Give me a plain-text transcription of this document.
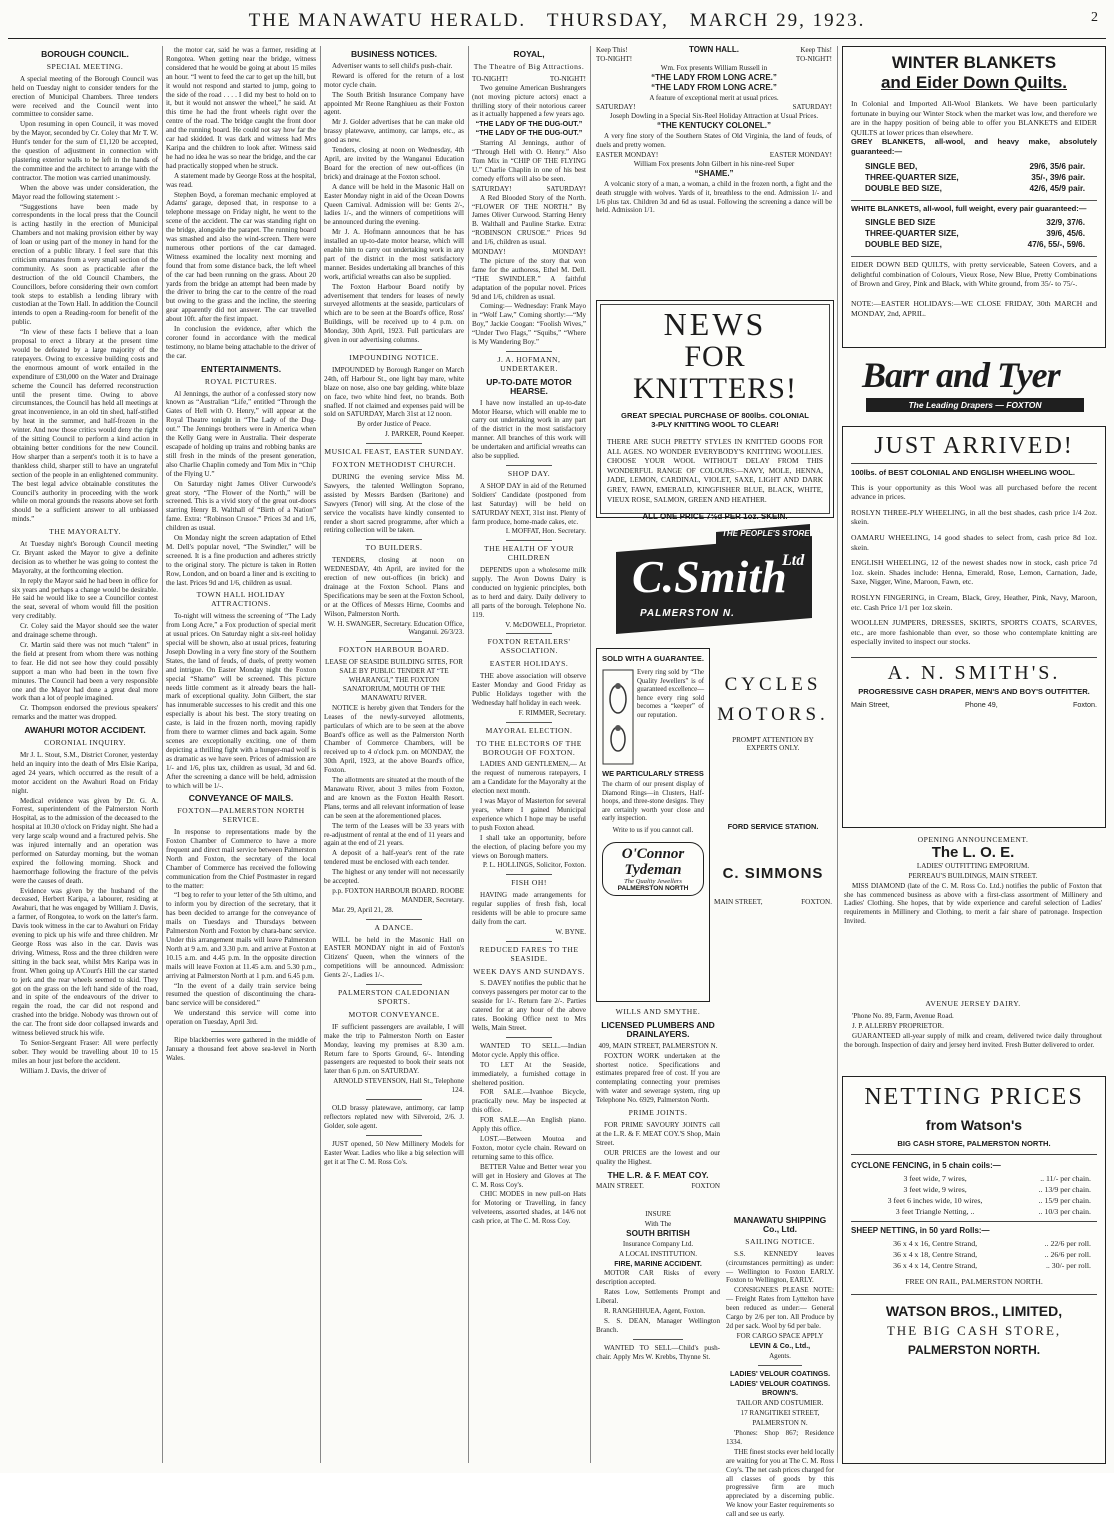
THE MANAWATU HERALD. THURSDAY, MARCH 29, 1923.	2
BOROUGH COUNCIL.
SPECIAL MEETING.

A special meeting of the Borough Council was held on Tuesday night to consider tenders for the erection of Municipal Chambers. Three tenders were received and the Council went into committee to consider same.

Upon resuming in open Council, it was moved by the Mayor, seconded by Cr. Coley that Mr T. W. Hunt's tender for the sum of £1,120 be accepted, the question of adjustment in connection with plastering exterior walls to be left in the hands of the committee and the architect to arrange with the contractor. The motion was carried unanimously.

When the above was under consideration, the Mayor read the following statement :-

“Suggestions have been made by correspondents in the local press that the Council is acting hastily in the erection of Municipal Chambers and not making provision either by way of loan or using part of the money in hand for the erection of a public library. I feel sure that this criticism emanates from a very small section of the community. As soon as practicable after the destruction of the old Council Chambers, the Councillors, before considering their own comfort took steps to establish a lending library with custodian at the Town Hall. In addition the Council intends to open a Reading-room for benefit of the public.

“In view of these facts I believe that a loan proposal to erect a library at the present time would be defeated by a large majority of the ratepayers. Owing to excessive building costs and the enormous amount of work entailed in the expenditure of £30,000 on the Water and Drainage scheme the Council has deferred reconstruction until the present time. Owing to above circumstances, the Council has held all meetings at great inconvenience, in an old tin shed, half-stifled by heat in the summer, and half-frozen in the winter. And now those critics would deny the right of the sitting Council to perform a kind action in obtaining better conditions for the new Council. How sharper than a serpent's tooth it is to have a thankless child, sharper still to have an ungrateful section of the people in an enlightened community. The best legal advice obtainable constitutes the Council's authority in proceeding with the work while on moral grounds the reasons above set forth should be a sufficient answer to all unbiassed minds.”

THE MAYORALTY.

At Tuesday night's Borough Council meeting Cr. Bryant asked the Mayor to give a definite decision as to whether he was going to contest the Mayoralty, at the forthcoming election.

In reply the Mayor said he had been in office for six years and perhaps a change would be desirable. He said he would like to see a Councillor contest the seat, several of whom would fill the position very creditably.

Cr. Coley said the Mayor should see the water and drainage scheme through.

Cr. Martin said there was not much “talent” in the field at present from whom there was nothing to fear. He did not see how they could possibly support a man who had been in the town five minutes. The Council had been a very responsible one and the Mayor had done a great deal more work than a lot of people imagined.

Cr. Thompson endorsed the previous speakers' remarks and the matter was dropped.

AWAHURI MOTOR ACCIDENT.
CORONIAL INQUIRY.

Mr J. L. Stout, S.M., District Coroner, yesterday held an inquiry into the death of Mrs Elsie Karipa, aged 24 years, which occurred as the result of a motor accident on the Awahuri Road on Friday night.

Medical evidence was given by Dr. G. A. Forrest, superintendent of the Palmerston North Hospital, as to the admission of the deceased to the hospital at 10.30 o'clock on Friday night. She had a very large scalp wound and a fractured pelvis. She was injured internally and an operation was performed on Saturday morning, but the woman expired the following morning. Shock and haemorrhage following the fracture of the pelvis were the causes of death.

Evidence was given by the husband of the deceased, Herbert Karipa, a labourer, residing at Awahuri, that he was engaged by William J. Davis, a farmer, of Rongotea, to work on the latter's farm. Davis took witness in the car to Awahuri on Friday evening to pick up his wife and three children. Mr George Ross was also in the car. Davis was driving. Witness, Ross and the three children were sitting in the back seat, whilst Mrs Karipa was in front. When going up A'Court's Hill the car started to jerk and the rear wheels seemed to skid. They got on the grass on the left hand side of the road, and in spite of the endeavours of the driver to regain the road, the car did not respond and crashed into the bridge. Nobody was thrown out of the car. The front side door collapsed inwards and witness believed struck his wife.

To Senior-Sergeant Fraser: All were perfectly sober. They would be travelling about 10 to 15 miles an hour just before the accident.

William J. Davis, the driver of

the motor car, said he was a farmer, residing at Rongotea. When getting near the bridge, witness considered that he would be going at about 15 miles an hour. “I went to feed the car to get up the hill, but it would not respond and started to jump, going to the side of the road . . . . I did my best to hold on to it, but it would not answer the wheel,” he said. At this time he had the front wheels right over the centre of the road. The bridge caught the front door and the running board. He could not say how far the car had skidded. It was dark and witness had Mrs Karipa and the children to look after. Witness said he had no idea he was so near the bridge, and the car had practically stopped when he struck.

A statement made by George Ross at the hospital, was read.

Stephen Boyd, a foreman mechanic employed at Adams' garage, deposed that, in response to a telephone message on Friday night, he went to the scene of the accident. The car was standing right on the bridge, alongside the parapet. The running board was smashed and also the wind-screen. There were numerous other portions of the car damaged. Witness examined the locality next morning and found that from some distance back, the left wheel of the car had been running on the grass. About 20 yards from the bridge an attempt had been made by the driver to bring the car to the centre of the road but owing to the grass and the incline, the steering gear apparently did not answer. The car travelled about 10ft. after the first impact.

In conclusion the evidence, after which the coroner found in accordance with the medical testimony, no blame being attachable to the driver of the car.

ENTERTAINMENTS.
ROYAL PICTURES.

Al Jennings, the author of a confessed story now known as “Australian “Life,” entitled “Through the Gates of Hell with O. Henry,” will appear at the Royal Theatre tonight in “The Lady of the Dug-out.” The Jennings brothers were in America when the Kelly Gang were in Australia. Their desperate escapade of holding up trains and robbing banks are still fresh in the minds of the present generation, also Charlie Chaplin comedy and Tom Mix in “Chip of the Flying U.”

On Saturday night James Oliver Curwoode's great story, “The Flower of the North,” will be screened. This is a vivid story of the great out-doors starring Henry B. Walthall of “Birth of a Nation” fame. Extra: “Robinson Crusoe.” Prices 3d and 1/6, children as usual.

On Monday night the screen adaptation of Ethel M. Dell's popular novel, “The Swindler,” will be screened. It is a fine production and adheres strictly to the original story. The picture is taken in Rotten Row, London, and on board a liner and is exciting to the last. Prices 9d and 1/6, children as usual.

TOWN HALL HOLIDAY ATTRACTIONS.

To-night will witness the screening of “The Lady from Long Acre,” a Fox production of special merit at usual prices. On Saturday night a six-reel holiday special will be shown, also at usual prices, featuring Joseph Dowling in a very fine story of the Southern States, the land of feuds, of duels, of pretty women and intrigue. On Easter Monday night the Foxton special “Shame” will be screened. This picture needs little comment as it already bears the hall-mark of exceptional quality. John Gilbert, the star has innumerable successes to his credit and this one especially is about his best. The story treating on caste, is laid in the frozen north, moving rapidly from there to warmer climes and back again. Some scenes are exceptionally exciting, one of them depicting a thrilling fight with a hunger-mad wolf is as dramatic as we have seen. Prices of admission are 1/- and 1/6, plus tax, children as usual, 3d and 6d. After the screening a dance will be held, admission to which will be 1/-.

CONVEYANCE OF MAILS.
FOXTON—PALMERSTON NORTH SERVICE.

In response to representations made by the Foxton Chamber of Commerce to have a more frequent and direct mail service between Palmerston North and Foxton, the secretary of the local Chamber of Commerce has received the following communication from the Chief Postmaster in regard to the matter:

“I beg to refer to your letter of the 5th ultimo, and to inform you by direction of the secretary, that it has been decided to arrange for the conveyance of mails on Tuesdays and Thursdays between Palmerston North and Foxton by chara-banc service. Under this arrangement mails will leave Palmerston North at 9 a.m. and 3.30 p.m. and arrive at Foxton at 10.15 a.m. and 4.45 p.m. In the opposite direction mails will leave Foxton at 11.45 a.m. and 5.30 p.m., arriving at Palmerston North at 1 p.m. and 6.45 p.m.

“In the event of a daily train service being resumed the question of discontinuing the chara-banc service will be considered.”

We understand this service will come into operation on Tuesday, April 3rd.

Ripe blackberries were gathered in the middle of January a thousand feet above sea-level in North Wales.

BUSINESS NOTICES.

Advertiser wants to sell child's push-chair.

Reward is offered for the return of a lost motor cycle chain.

The South British Insurance Company have appointed Mr Reone Ranghiueu as their Foxton agent.

Mr J. Golder advertises that he can make old brassy platewave, antimony, car lamps, etc., as good as new.

Tenders, closing at noon on Wednesday, 4th April, are invited by the Wanganui Education Board for the erection of new out-offices (in brick) and drainage at the Foxton school.

A dance will be held in the Masonic Hall on Easter Monday night in aid of the Ocean Downs Queen Carnival. Admission will be: Gents 2/-, ladies 1/-, and the winners of competitions will be announced during the evening.

Mr J. A. Hofmann announces that he has installed an up-to-date motor hearse, which will enable him to carry out undertaking work in any part of the district in the most satisfactory manner. Besides undertaking all branches of this work, artificial wreaths can also be supplied.

The Foxton Harbour Board notify by advertisement that tenders for leases of newly surveyed allotments at the seaside, particulars of which are to be seen at the Board's office, Ross' Buildings, will be received up to 4 p.m. on Monday, 30th April, 1923. Full particulars are given in our advertising columns.

IMPOUNDING NOTICE.

IMPOUNDED by Borough Ranger on March 24th, off Harbour St., one light bay mare, white blaze on nose, also one bay gelding, white blaze on face, two white hind feet, no brands. Both snafled. If not claimed and expenses paid will be sold on SATURDAY, March 31st at 12 noon.

By order Justice of Peace.

J. PARKER, Pound Keeper.

MUSICAL FEAST, EASTER SUNDAY.
FOXTON METHODIST CHURCH.

DURING the evening service Miss M. Sawyers, the talented Wellington Soprano, assisted by Messrs Bardsen (Baritone) and Sawyers (Tenor) will sing. At the close of the service the vocalists have kindly consented to render a short sacred programme, after which a retiring collection will be taken.

TO BUILDERS.

TENDERS, closing at noon on WEDNESDAY, 4th April, are invited for the erection of new out-offices (in brick) and drainage at the Foxton School. Plans and Specifications may be seen at the Foxton School, or at the Offices of Messrs Hirne, Coombs and Wilson, Palmerston North.

W. H. SWANGER, Secretary. Education Office, Wanganui. 26/3/23.

FOXTON HARBOUR BOARD.

LEASE OF SEASIDE BUILDING SITES, FOR SALE BY PUBLIC TENDER AT “TE WHARANGI,” THE FOXTON SANATORIUM, MOUTH OF THE MANAWATU RIVER.

NOTICE is hereby given that Tenders for the Leases of the newly-surveyed allotments, particulars of which are to be seen at the above Board's office as well as the Palmerston North Chamber of Commerce Chambers, will be received up to 4 o'clock p.m. on MONDAY, the 30th April, 1923, at the above Board's office, Foxton.

The allotments are situated at the mouth of the Manawatu River, about 3 miles from Foxton, and are known as the Foxton Health Resort. Plans, terms and all relevant information of lease can be seen at the aforementioned places.

The term of the Leases will be 33 years with re-adjustment of rental at the end of 11 years and again at the end of 21 years.

A deposit of a half-year's rent of the rate tendered must be enclosed with each tender.

The highest or any tender will not necessarily be accepted.

p.p. FOXTON HARBOUR BOARD. ROOBE MANDER, Secretary.

Mar. 29, April 21, 28.

A DANCE.

WILL be held in the Masonic Hall on EASTER MONDAY night in aid of Foxton's Citizens' Queen, when the winners of the competitions will be announced. Admission: Gents 2/-, Ladies 1/-.

PALMERSTON CALEDONIAN SPORTS.
MOTOR CONVEYANCE.

IF sufficient passengers are available, I will make the trip to Palmerston North on Easter Monday, leaving my premises at 8.30 a.m. Return fare to Sports Ground, 6/-. Intending passengers are requested to book their seats not later than 6 p.m. on SATURDAY.

ARNOLD STEVENSON, Hall St., Telephone 124.

OLD brassy platewave, antimony, car lamp reflectors replated new with Silveroid, 2/6. J. Golder, sole agent.

JUST opened, 50 New Millinery Models for Easter Wear. Ladies who like a big selection will get it at The C. M. Ross Co's.

ROYAL,
The Theatre of Big Attractions.
TO-NIGHT!	TO-NIGHT!

Two genuine American Bushrangers (not moving picture actors) enact a thrilling story of their notorious career as it actually happened a few years ago.

“THE LADY OF THE DUG-OUT.” “THE LADY OF THE DUG-OUT.”

Starring Al Jennings, author of “Through Hell with O. Henry.” Also Tom Mix in “CHIP OF THE FLYING U.” Charlie Chaplin in one of his best comedy efforts will also be seen.

SATURDAY!	SATURDAY!

A Red Blooded Story of the North. “FLOWER OF THE NORTH.” By James Oliver Curwood. Starring Henry B. Walthall and Pauline Starke. Extra: “ROBINSON CRUSOE.” Prices 9d and 1/6, children as usual.

MONDAY!	MONDAY!

The picture of the story that won fame for the authoress, Ethel M. Dell. “THE SWINDLER.” A faithful adaptation of the popular novel. Prices 9d and 1/6, children as usual.

Coming:— Wednesday: Frank Mayo in “Wolf Law,” Coming shortly:—“My Boy,” Jackie Coogan: “Foolish Wives,” “Under Two Flags,” “Squibs,” “Where is My Wandering Boy.”

J. A. HOFMANN, UNDERTAKER.
UP-TO-DATE MOTOR HEARSE.

I have now installed an up-to-date Motor Hearse, which will enable me to carry out undertaking work in any part of the district in the most satisfactory manner. All branches of this work will be undertaken and artificial wreaths can also be supplied.

SHOP DAY.

A SHOP DAY in aid of the Returned Soldiers' Candidate (postponed from last Saturday) will be held on SATURDAY NEXT, 31st inst. Plenty of farm produce, home-made cakes, etc.

I. MOFFAT, Hon. Secretary.

THE HEALTH OF YOUR CHILDREN

DEPENDS upon a wholesome milk supply. The Avon Downs Dairy is conducted on hygienic principles, both as to herd and dairy. Daily delivery to all parts of the borough. Telephone No. 119.

V. McDOWELL, Proprietor.

FOXTON RETAILERS' ASSOCIATION.
EASTER HOLIDAYS.

THE above association will observe Easter Monday and Good Friday as Public Holidays together with the Wednesday half holiday in each week.

F. RIMMER, Secretary.

MAYORAL ELECTION.
TO THE ELECTORS OF THE BOROUGH OF FOXTON.

LADIES AND GENTLEMEN,— At the request of numerous ratepayers, I am a Candidate for the Mayoralty at the election next month.

I was Mayor of Masterton for several years, where I gained Municipal experience which I hope may be useful to push Foxton ahead.

I shall take an opportunity, before the election, of placing before you my views on Borough matters.

P. L. HOLLINGS, Solicitor, Foxton.

FISH OH!

HAVING made arrangements for regular supplies of fresh fish, local residents will be able to procure same daily from the cart.

W. BYNE.

REDUCED FARES TO THE SEASIDE.
WEEK DAYS AND SUNDAYS.

S. DAVEY notifies the public that he conveys passengers per motor car to the seaside for 1/-. Return fare 2/-. Parties catered for at any hour of the above rates. Booking Office next to Mrs Wells, Main Street.

WANTED TO SELL.—Indian Motor cycle. Apply this office.

TO LET At the Seaside, immediately, a furnished cottage in sheltered position.

FOR SALE.—Ivanhoe Bicycle, practically new. May be inspected at this office.

FOR SALE.—An English piano. Apply this office.

LOST.—Between Moutoa and Foxton, motor cycle chain. Reward on returning same to this office.

BETTER Value and Better wear you will get in Hosiery and Gloves at The C. M. Ross Coy's.

CHIC MODES in new pull-on Hats for Motoring or Travelling, in fancy velveteens, assorted shades, at 14/6 not cash price, at The C. M. Ross Coy.

Keep This!
TO-NIGHT!
TOWN HALL.	Keep This!
TO-NIGHT!

Wm. Fox presents William Russell in

“THE LADY FROM LONG ACRE.”

“THE LADY FROM LONG ACRE.”

A feature of exceptional merit at usual prices.

SATURDAY!	SATURDAY!

Joseph Dowling in a Special Six-Reel Holiday Attraction at Usual Prices.

“THE KENTUCKY COLONEL.”

A very fine story of the Southern States of Old Virginia, the land of feuds, of duels and pretty women.

EASTER MONDAY!	EASTER MONDAY!

William Fox presents John Gilbert in his nine-reel Super

“SHAME.”

A volcanic story of a man, a woman, a child in the frozen north, a fight and the death struggle with wolves. Yards of it, breathless to the end. Admission 1/- and 1/6 plus tax. Children 3d and 6d as usual. Following the screening a dance will be held. Admission 1/1.

NEWS
FOR KNITTERS!
GREAT SPECIAL PURCHASE OF 800lbs. COLONIAL
3-PLY KNITTING WOOL TO CLEAR!
THERE ARE SUCH PRETTY STYLES IN KNITTED GOODS FOR ALL AGES. NO WONDER EVERYBODY'S KNITTING WOOLLIES. CHOOSE YOUR WOOL WITHOUT DELAY FROM THIS WONDERFUL RANGE OF COLOURS:—NAVY, MOLE, HENNA, JADE, LEMON, CARDINAL, VIOLET, SAXE, LIGHT AND DARK GREY, FAWN, EMERALD, KINGFISHER BLUE, BLACK, WHITE, VIEUX ROSE, SALMON, GREEN AND HEATHER.
ALL ONE PRICE 7½d PER 1oz. SKEIN.
THE PEOPLE'S STORE
C.Smith
Ltd
PALMERSTON N.
SOLD WITH A GUARANTEE.
Every ring sold by “The Quality Jewellers” is of guaranteed excellence—hence every ring sold becomes a “keeper” of our reputation.
WE PARTICULARLY STRESS
The charm of our present display of Diamond Rings—in Clusters, Half-hoops, and three-stone designs. They are certainly worth your close and early inspection.
Write to us if you cannot call.
O'Connor
Tydeman
The Quality Jewellers
PALMERSTON NORTH
CYCLES
MOTORS.
PROMPT ATTENTION BY
EXPERTS ONLY.
FORD SERVICE STATION.
C. SIMMONS
MAIN STREET,	FOXTON.
WILLS AND SMYTHE.
LICENSED PLUMBERS AND DRAINLAYERS.

409, MAIN STREET, PALMERSTON N.

FOXTON WORK undertaken at the shortest notice. Specifications and estimates prepared free of cost. If you are contemplating connecting your premises with water and sewerage system, ring up Telephone No. 6929, Palmerston North.

PRIME JOINTS.

FOR PRIME SAVOURY JOINTS call at the L.R. & F. MEAT COY.'S Shop, Main Street.

OUR PRICES are the lowest and our quality the Highest.

THE L.R. & F. MEAT COY.
MAIN STREET.	FOXTON

INSURE

With The

SOUTH BRITISH

Insurance Company Ltd.

A LOCAL INSTITUTION.

FIRE, MARINE ACCIDENT.

MOTOR CAR Risks of every description accepted.

Rates Low, Settlements Prompt and Liberal.

R. RANGHIHUEA, Agent, Foxton.

S. S. DEAN, Manager Wellington Branch.

WANTED TO SELL—Child's push-chair. Apply Mrs W. Krebbs, Thynne St.

WINTER BLANKETS
and Eider Down Quilts.
In Colonial and Imported All-Wool Blankets. We have been particularly fortunate in buying our Winter Stock when the market was low, and therefore we are in the happy position of being able to offer you BLANKETS and EIDER QUILTS at lower prices than elsewhere.
GREY BLANKETS, all-wool, and heavy make, absolutely guaranteed:—
SINGLE BED,	29/6, 35/6 pair.
THREE-QUARTER SIZE,	35/-, 39/6 pair.
DOUBLE BED SIZE,	42/6, 45/9 pair.
WHITE BLANKETS, all-wool, full weight, every pair guaranteed:—
SINGLE BED SIZE	32/9, 37/6.
THREE-QUARTER SIZE,	39/6, 45/6.
DOUBLE BED SIZE,	47/6, 55/-, 59/6.
EIDER DOWN BED QUILTS, with pretty serviceable, Sateen Covers, and a delightful combination of Colours, Vieux Rose, New Blue, Pretty Combinations of Brown and Grey, Pink and Black, with White ground, from 35/- to 75/-.
NOTE:—EASTER HOLIDAYS:—WE CLOSE FRIDAY, 30th MARCH and MONDAY, 2nd, APRIL.
Barr and Tyer
The Leading Drapers — FOXTON
JUST ARRIVED!
100lbs. of BEST COLONIAL AND ENGLISH WHEELING WOOL.
This is your opportunity as this Wool was all purchased before the recent advance in prices.
ROSLYN THREE-PLY WHEELING, in all the best shades, cash price 1/4 2oz. skein.
OAMARU WHEELING, 14 good shades to select from, cash price 8d 1oz. skein.
ENGLISH WHEELING, 12 of the newest shades now in stock, cash price 7d 1oz. skein. Shades include: Henna, Emerald, Rose, Lemon, Carnation, Jade, Saxe, Nigger, Wine, Maroon, Fawn, etc.
ROSLYN FINGERING, in Cream, Black, Grey, Heather, Pink, Navy, Maroon, etc. Cash Price 1/1 per 1oz skein.
WOOLLEN JUMPERS, DRESSES, SKIRTS, SPORTS COATS, SCARVES, etc., are more fashionable than ever, so those who contemplate knitting are especially invited to inspect our stocks.
A. N. SMITH'S.
PROGRESSIVE CASH DRAPER, MEN'S AND BOY'S OUTFITTER.
Main Street,	Phone 49,	Foxton.
OPENING ANNOUNCEMENT.
The L. O. E.

LADIES' OUTFITTING EMPORIUM.

PERREAU'S BUILDINGS, MAIN STREET.

MISS DIAMOND (late of the C. M. Ross Co. Ltd.) notifies the public of Foxton that she has commenced business as above with a first-class assortment of Millinery and Ladies' Clothing. She hopes, that by wide experience and careful selection of Ladies' requirements in Millinery and Clothing, to merit a fair share of patronage. Inspection Invited.

AVENUE JERSEY DAIRY.

'Phone No. 89, Farm, Avenue Road.

J. P. ALLERBY PROPRIETOR.

GUARANTEED all-year supply of milk and cream, delivered twice daily throughout the borough. Inspection of dairy and jersey herd invited. Fresh Butter delivered to order.

MANAWATU SHIPPING Co., Ltd.
SAILING NOTICE.

S.S. KENNEDY leaves (circumstances permitting) as under:— Wellington to Foxton EARLY. Foxton to Wellington, EARLY.

CONSIGNEES PLEASE NOTE:— Freight Rates from Lyttelton have been reduced as under:— General Cargo by 2/6 per ton. All Produce by 2d per sack. Wool by 6d per bale.

FOR CARGO SPACE APPLY

LEVIN & Co., Ltd.,

Agents.

LADIES' VELOUR COATINGS.

LADIES' VELOUR COATINGS.

BROWN'S.

TAILOR AND COSTUMIER.

17 RANGITIKEI STREET,

PALMERSTON N.

'Phones: Shop 867; Residence 1334.

THE finest stocks ever held locally are waiting for you at The C. M. Ross Coy's. The net cash prices charged for all classes of goods by this progressive firm are much appreciated by a discerning public. We know your Easter requirements so call and see us early.

NETTING PRICES
from Watson's
BIG CASH STORE, PALMERSTON NORTH.
CYCLONE FENCING, in 5 chain coils:—
3 feet wide, 7 wires,	.. 11/- per chain.
3 feet wide, 9 wires,	.. 13/9 per chain.
3 feet 6 inches wide, 10 wires,	.. 15/9 per chain.
3 feet Triangle Netting, ..	.. 10/3 per chain.
SHEEP NETTING, in 50 yard Rolls:—
36 x 4 x 16, Centre Strand,	.. 22/6 per roll.
36 x 4 x 18, Centre Strand,	.. 26/6 per roll.
36 x 4 x 14, Centre Strand,	.. 30/- per roll.
FREE ON RAIL, PALMERSTON NORTH.
WATSON BROS., LIMITED,
THE BIG CASH STORE,
PALMERSTON NORTH.
